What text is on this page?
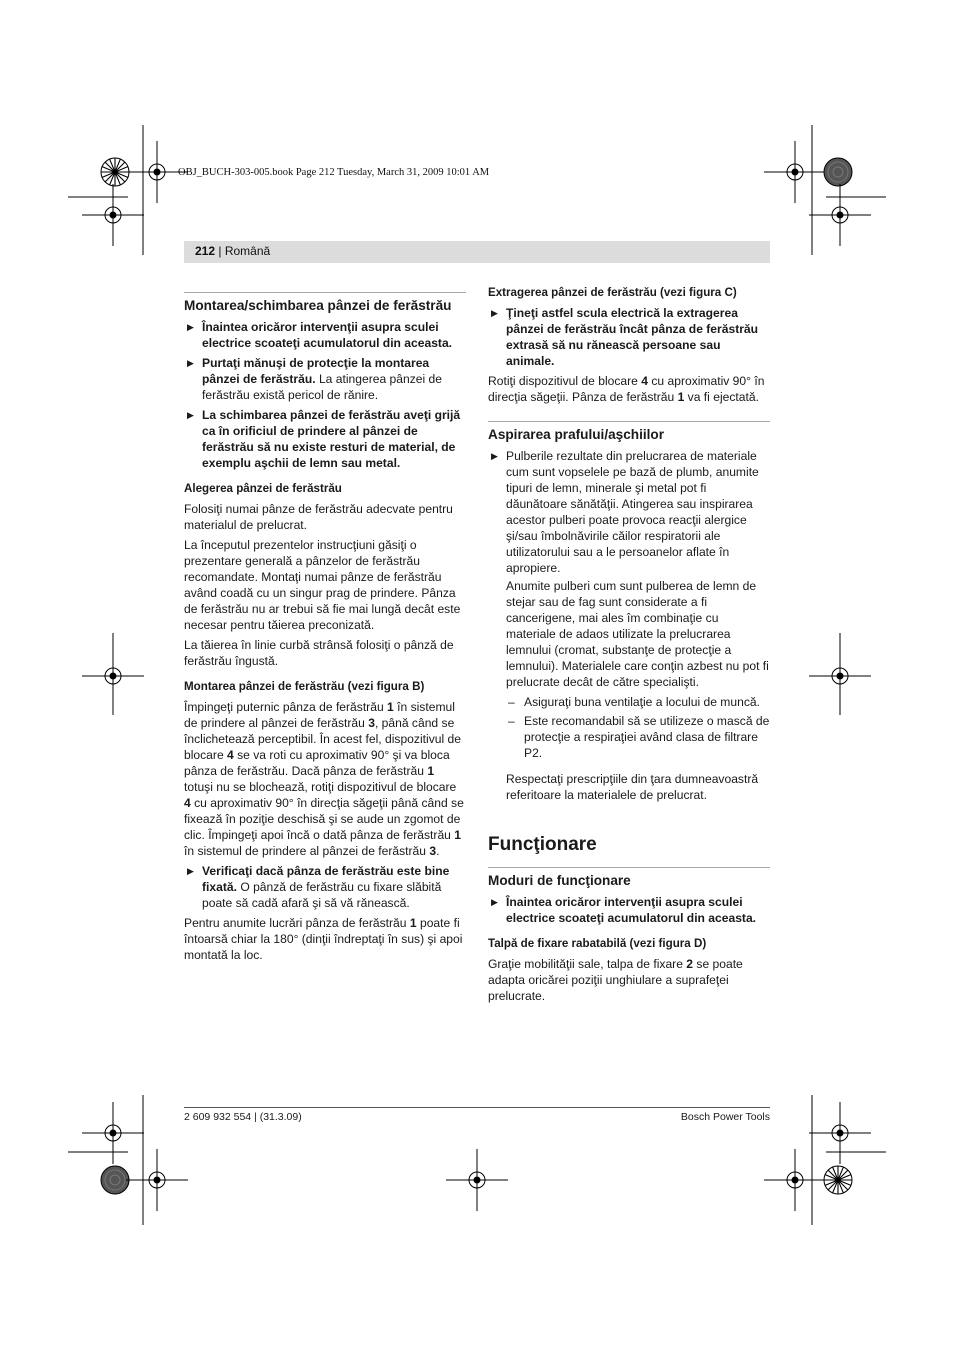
OBJ_BUCH-303-005.book Page 212 Tuesday, March 31, 2009 10:01 AM
212 | Română
Montarea/schimbarea pânzei de ferăstrău
▶ Înaintea oricăror intervenţii asupra sculei electrice scoateţi acumulatorul din aceasta.
▶ Purtaţi mănuşi de protecţie la montarea pânzei de ferăstrău. La atingerea pânzei de ferăstrău există pericol de rănire.
▶ La schimbarea pânzei de ferăstrău aveţi grijă ca în orificiul de prindere al pânzei de ferăstrău să nu existe resturi de material, de exemplu aşchii de lemn sau metal.
Alegerea pânzei de ferăstrău
Folosiţi numai pânze de ferăstrău adecvate pentru materialul de prelucrat.
La începutul prezentelor instrucţiuni găsiţi o prezentare generală a pânzelor de ferăstrău recomandate. Montaţi numai pânze de ferăstrău având coadă cu un singur prag de prindere. Pânza de ferăstrău nu ar trebui să fie mai lungă decât este necesar pentru tăierea preconizată.
La tăierea în linie curbă strânsă folosiţi o pânză de ferăstrău îngustă.
Montarea pânzei de ferăstrău (vezi figura B)
Împingeţi puternic pânza de ferăstrău 1 în sistemul de prindere al pânzei de ferăstrău 3, până când se înclichetează perceptibil. În acest fel, dispozitivul de blocare 4 se va roti cu aproximativ 90° şi va bloca pânza de ferăstrău. Dacă pânza de ferăstrău 1 totuşi nu se blochează, rotiţi dispozitivul de blocare 4 cu aproximativ 90° în direcţia săgeţii până când se fixează în poziţie deschisă şi se aude un zgomot de clic. Împingeţi apoi încă o dată pânza de ferăstrău 1 în sistemul de prindere al pânzei de ferăstrău 3.
▶ Verificaţi dacă pânza de ferăstrău este bine fixată. O pânză de ferăstrău cu fixare slăbită poate să cadă afară şi să vă rănească.
Pentru anumite lucrări pânza de ferăstrău 1 poate fi întoarsă chiar la 180° (dinţii îndreptaţi în sus) şi apoi montată la loc.
Extragerea pânzei de ferăstrău (vezi figura C)
▶ Ţineţi astfel scula electrică la extragerea pânzei de ferăstrău încât pânza de ferăstrău extrasă să nu rănească persoane sau animale.
Rotiţi dispozitivul de blocare 4 cu aproximativ 90° în direcţia săgeţii. Pânza de ferăstrău 1 va fi ejectată.
Aspirarea prafului/aşchiilor
▶ Pulberile rezultate din prelucrarea de materiale cum sunt vopselele pe bază de plumb, anumite tipuri de lemn, minerale şi metal pot fi dăunătoare sănătăţii. Atingerea sau inspirarea acestor pulberi poate provoca reacţii alergice şi/sau îmbolnăvirile căilor respiratorii ale utilizatorului sau a le persoanelor aflate în apropiere.
Anumite pulberi cum sunt pulberea de lemn de stejar sau de fag sunt considerate a fi cancerigene, mai ales îm combinaţie cu materiale de adaos utilizate la prelucrarea lemnului (cromat, substanţe de protecţie a lemnului). Materialele care conţin azbest nu pot fi prelucrate decât de către specialişti.
– Asiguraţi buna ventilaţie a locului de muncă.
– Este recomandabil să se utilizeze o mască de protecţie a respiraţiei având clasa de filtrare P2.
Respectaţi prescripţiile din ţara dumneavoastră referitoare la materialele de prelucrat.
Funcţionare
Moduri de funcţionare
▶ Înaintea oricăror intervenţii asupra sculei electrice scoateţi acumulatorul din aceasta.
Talpă de fixare rabatabilă (vezi figura D)
Graţie mobilităţii sale, talpa de fixare 2 se poate adapta oricărei poziţii unghiulare a suprafeţei prelucrate.
2 609 932 554 | (31.3.09)	Bosch Power Tools
